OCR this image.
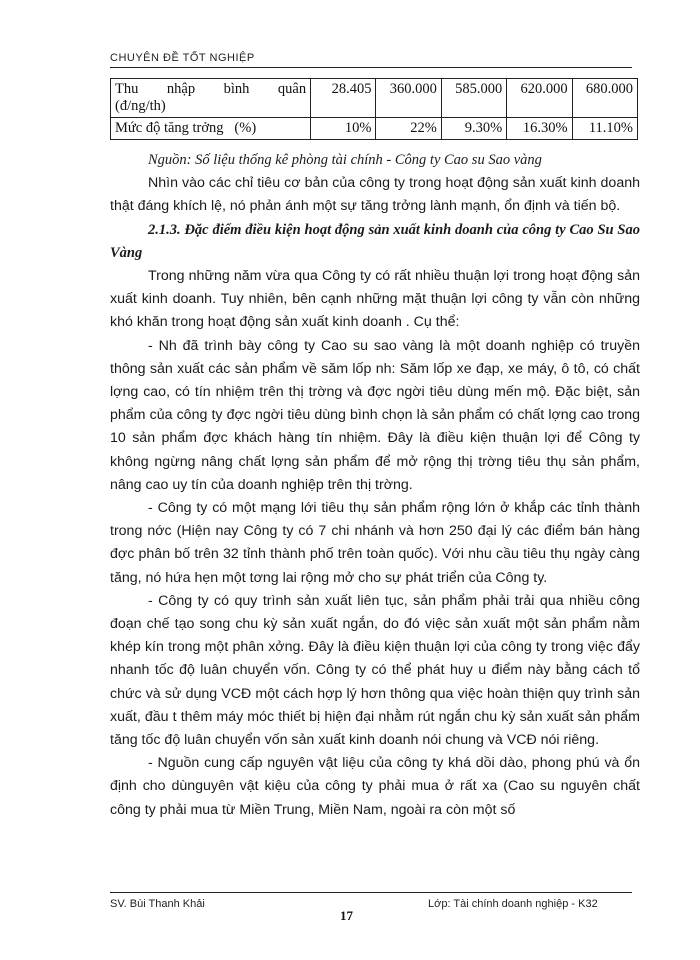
CHUYÊN ĐỀ TỐT NGHIỆP
Thu nhập bình quân
(đ/ng/th)	28.405	360.000	585.000	620.000	680.000
Mức độ tăng trởng   (%)	10%	22%	9.30%	16.30%	11.10%

Nguồn: Số liệu thống kê phòng tài chính - Công ty Cao su Sao vàng

Nhìn vào các chỉ tiêu cơ bản của công ty trong hoạt động sản xuất kinh doanh thật đáng khích lệ, nó phản ánh một sự tăng trởng lành mạnh, ổn định và tiến bộ.

2.1.3. Đặc điểm điều kiện hoạt động sản xuất kinh doanh của công ty Cao Su Sao Vàng

Trong những năm vừa qua Công ty có rất nhiều thuận lợi trong hoạt động sản xuất kinh doanh. Tuy nhiên, bên cạnh những mặt thuận lợi công ty vẫn còn những khó khăn trong hoạt động sản xuất kinh doanh . Cụ thể:

- Nh đã trình bày công ty Cao su sao vàng là một doanh nghiệp có truyền thông sản xuất các sản phẩm về săm lốp nh: Săm lốp xe đạp, xe máy, ô tô, có chất lợng cao, có tín nhiệm trên thị trờng và đợc ngời tiêu dùng mến mộ. Đặc biệt, sản phẩm của công ty đợc ngời tiêu dùng bình chọn là sản phẩm có chất lợng cao trong 10 sản phẩm đợc khách hàng tín nhiệm. Đây là điều kiện thuận lợi để Công ty không ngừng nâng chất lợng sản phẩm để mở rộng thị trờng tiêu thụ sản phẩm, nâng cao uy tín của doanh nghiệp trên thị trờng.

- Công ty có một mạng lới tiêu thụ sản phẩm rộng lớn ở khắp các tỉnh thành trong nớc (Hiện nay Công ty có 7 chi nhánh và hơn 250 đại lý các điểm bán hàng đợc phân bố trên 32 tỉnh thành phố trên toàn quốc). Với nhu cầu tiêu thụ ngày càng tăng, nó hứa hẹn một tơng lai rộng mở cho sự phát triển của Công ty.

- Công ty có quy trình sản xuất liên tục, sản phẩm phải trải qua nhiều công đoạn chế tạo song chu kỳ sản xuất ngắn, do đó việc sản xuất một sản phẩm nằm khép kín trong một phân xởng. Đây là điều kiện thuận lợi của công ty trong việc đẩy nhanh tốc độ luân chuyển vốn. Công ty có thể phát huy u điểm này bằng cách tổ chức và sử dụng VCĐ một cách hợp lý hơn thông qua việc hoàn thiện quy trình sản xuất, đầu t thêm máy móc thiết bị hiện đại nhằm rút ngắn chu kỳ sản xuất sản phẩm tăng tốc độ luân chuyển vốn sản xuất kinh doanh nói chung và VCĐ nói riêng.

- Nguồn cung cấp nguyên vật liệu của công ty khá dồi dào, phong phú và ổn định cho dùnguyên vật kiệu của công ty phải mua ở rất xa (Cao su nguyên chất công ty phải mua từ Miền Trung, Miền Nam, ngoài ra còn một số

SV. Bùi Thanh Khải	Lớp: Tài chính doanh nghiệp - K32
17
